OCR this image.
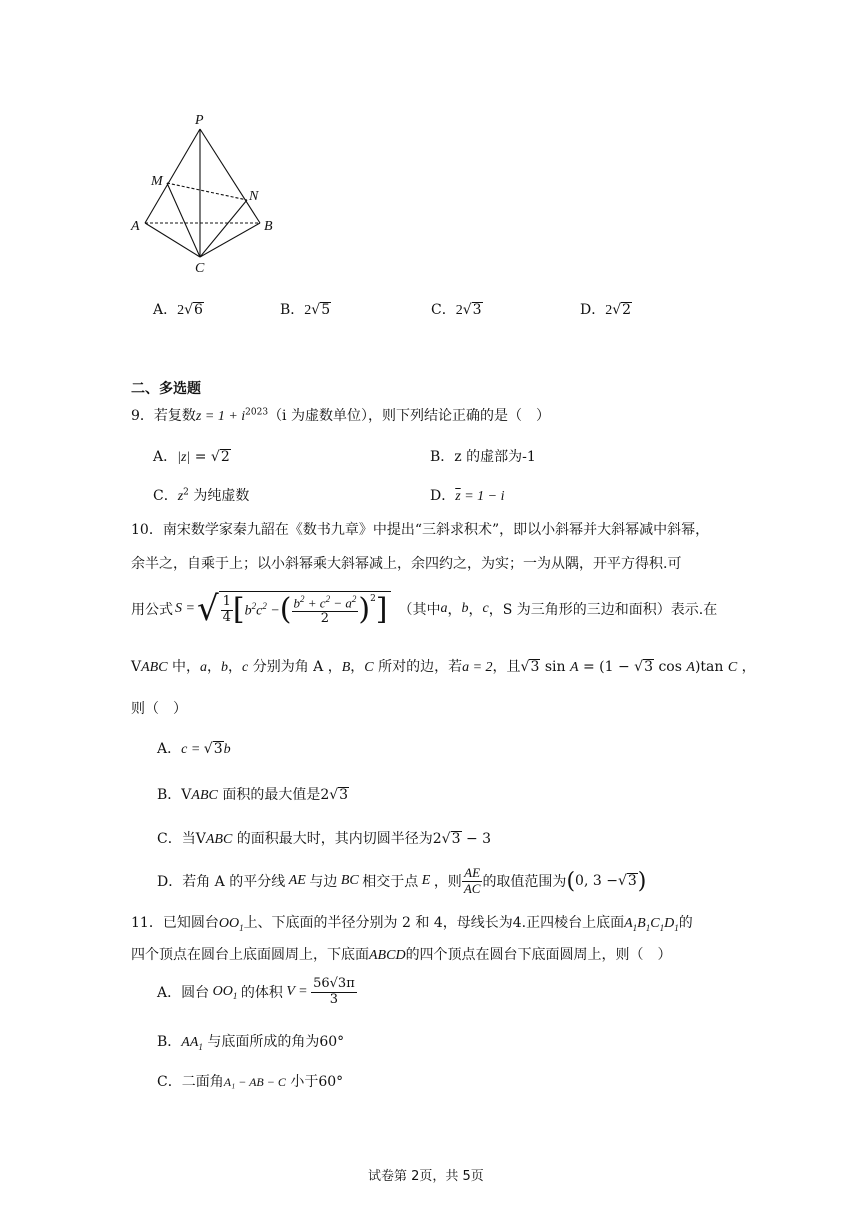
P
M
N
A	B
C
A．2√6	B．2√5	C．2√3	D．2√2
二、多选题
9．若复数$z = 1 + i^{2023}(i$ 为虚数单位），则下列结论正确的是（　）
A．|z| = √2	B．z 的虚部为-1
C．$z^2$ 为纯虚数	D．$\overline{z} = 1 - i$
10．南宋数学家秦九韶在《数书九章》中提出“三斜求积术”，即以小斜幂并大斜幂减中斜幂，
余半之，自乘于上；以小斜幂乘大斜幂减上，余四约之，为实；一为从隅，开平方得积.可
用公式 S = √ $\frac{1}{4}$ [ $b^2c^2$ − ( $\frac{b^2 + c^2 - a^2}{2} )^2$ ] （其中 a ， b ， c ，S 为三角形的三边和面积）表示.在
VABC 中，a，b，c 分别为角 A ，B，C 所对的边，若a = 2，且√3 sin A = (1 − √3 cos A)tan C ，
则（　）
A．c = √3b
B．VABC 面积的最大值是2√3
C．当VABC 的面积最大时，其内切圆半径为2√3 − 3
D．若角 A 的平分线 AE 与边 BC 相交于点 E ，则 $\frac{AE}{AC}$ 的取值范围为 ( 0, 3 − √ 3 )
11．已知圆台$OO_1$上、下底面的半径分别为 2 和 4，母线长为4.正四棱台上底面$A_1B_1C_1D_1$的
四个顶点在圆台上底面圆周上，下底面ABCD的四个顶点在圆台下底面圆周上，则（　）
A．圆台 $OO_1$ 的体积 $V = \frac{56√3\pi}{3}$
B．$AA_1$ 与底面所成的角为60°
C．二面角A₁ − AB − C 小于60°
试卷第 2页，共 5页
